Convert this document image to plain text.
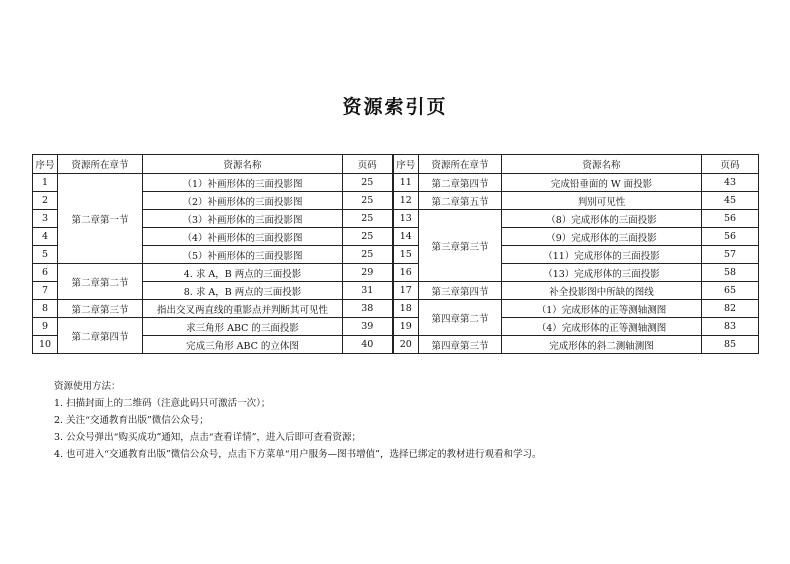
资源索引页
序号	资源所在章节	资源名称	页码	序号	资源所在章节	资源名称	页码
1	第二章第一节	（1）补画形体的三面投影图	25	11	第二章第四节	完成铅垂面的 W 面投影	43
2		（2）补画形体的三面投影图	25	12	第二章第五节	判别可见性	45
3		（3）补画形体的三面投影图	25	13	第三章第三节	（8）完成形体的三面投影	56
4		（4）补画形体的三面投影图	25	14		（9）完成形体的三面投影	56
5		（5）补画形体的三面投影图	25	15		（11）完成形体的三面投影	57
6	第二章第二节	4. 求 A，B 两点的三面投影	29	16		（13）完成形体的三面投影	58
7		8. 求 A，B 两点的三面投影	31	17	第三章第四节	补全投影图中所缺的图线	65
8	第二章第三节	指出交叉两直线的重影点并判断其可见性	38	18	第四章第二节	（1）完成形体的正等测轴测图	82
9	第二章第四节	求三角形 ABC 的三面投影	39	19		（4）完成形体的正等测轴测图	83
10		完成三角形 ABC 的立体图	40	20	第四章第三节	完成形体的斜二测轴测图	85
资源使用方法：
1. 扫描封面上的二维码（注意此码只可激活一次）；
2. 关注“交通教育出版”微信公众号；
3. 公众号弹出“购买成功”通知，点击“查看详情”，进入后即可查看资源；
4. 也可进入“交通教育出版”微信公众号，点击下方菜单“用户服务—图书增值”，选择已绑定的教材进行观看和学习。
